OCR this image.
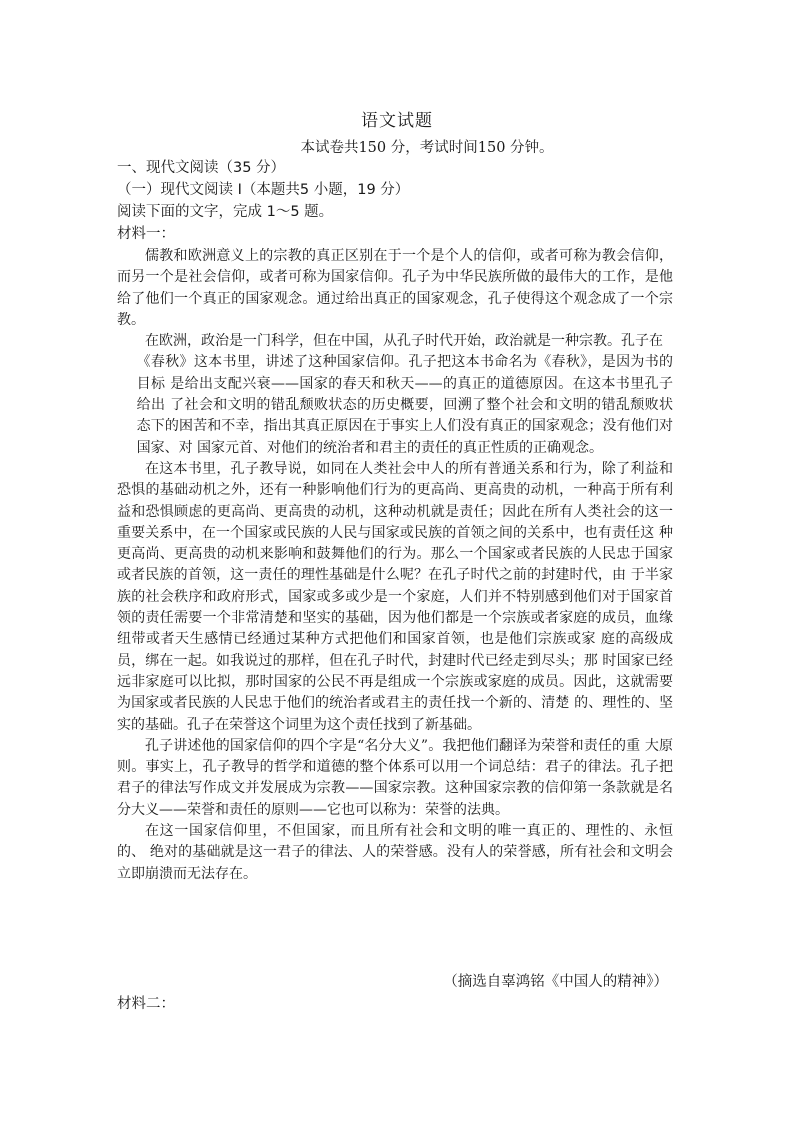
语文试题
本试卷共150 分，考试时间150 分钟。
一、现代文阅读（35 分）
（一）现代文阅读 I（本题共5 小题，19 分）
阅读下面的文字，完成 1～5 题。
材料一：

儒教和欧洲意义上的宗教的真正区别在于一个是个人的信仰，或者可称为教会信仰，而另一个是社会信仰，或者可称为国家信仰。孔子为中华民族所做的最伟大的工作，是他给了他们一个真正的国家观念。通过给出真正的国家观念，孔子使得这个观念成了一个宗教。

在欧洲，政治是一门科学，但在中国，从孔子时代开始，政治就是一种宗教。孔子在

《春秋》这本书里，讲述了这种国家信仰。孔子把这本书命名为《春秋》，是因为书的目标 是给出支配兴衰——国家的春天和秋天——的真正的道德原因。在这本书里孔子给出 了社会和文明的错乱颓败状态的历史概要，回溯了整个社会和文明的错乱颓败状态下的困苦和不幸，指出其真正原因在于事实上人们没有真正的国家观念；没有他们对国家、对 国家元首、对他们的统治者和君主的责任的真正性质的正确观念。

在这本书里，孔子教导说，如同在人类社会中人的所有普通关系和行为，除了利益和恐惧的基础动机之外，还有一种影响他们行为的更高尚、更高贵的动机，一种高于所有利益和恐惧顾虑的更高尚、更高贵的动机，这种动机就是责任；因此在所有人类社会的这一 重要关系中，在一个国家或民族的人民与国家或民族的首领之间的关系中，也有责任这 种更高尚、更高贵的动机来影响和鼓舞他们的行为。那么一个国家或者民族的人民忠于国家或者民族的首领，这一责任的理性基础是什么呢？在孔子时代之前的封建时代，由 于半家族的社会秩序和政府形式，国家或多或少是一个家庭，人们并不特别感到他们对于国家首领的责任需要一个非常清楚和坚实的基础，因为他们都是一个宗族或者家庭的成员，血缘纽带或者天生感情已经通过某种方式把他们和国家首领，也是他们宗族或家 庭的高级成员，绑在一起。如我说过的那样，但在孔子时代，封建时代已经走到尽头；那 时国家已经远非家庭可以比拟，那时国家的公民不再是组成一个宗族或家庭的成员。因此，这就需要为国家或者民族的人民忠于他们的统治者或君主的责任找一个新的、清楚 的、理性的、坚实的基础。孔子在荣誉这个词里为这个责任找到了新基础。

孔子讲述他的国家信仰的四个字是“名分大义”。我把他们翻译为荣誉和责任的重 大原则。事实上，孔子教导的哲学和道德的整个体系可以用一个词总结：君子的律法。孔子把君子的律法写作成文并发展成为宗教——国家宗教。这种国家宗教的信仰第一条款就是名分大义——荣誉和责任的原则——它也可以称为：荣誉的法典。

在这一国家信仰里，不但国家，而且所有社会和文明的唯一真正的、理性的、永恒的、 绝对的基础就是这一君子的律法、人的荣誉感。没有人的荣誉感，所有社会和文明会立即崩溃而无法存在。

（摘选自辜鸿铭《中国人的精神》）
材料二：
